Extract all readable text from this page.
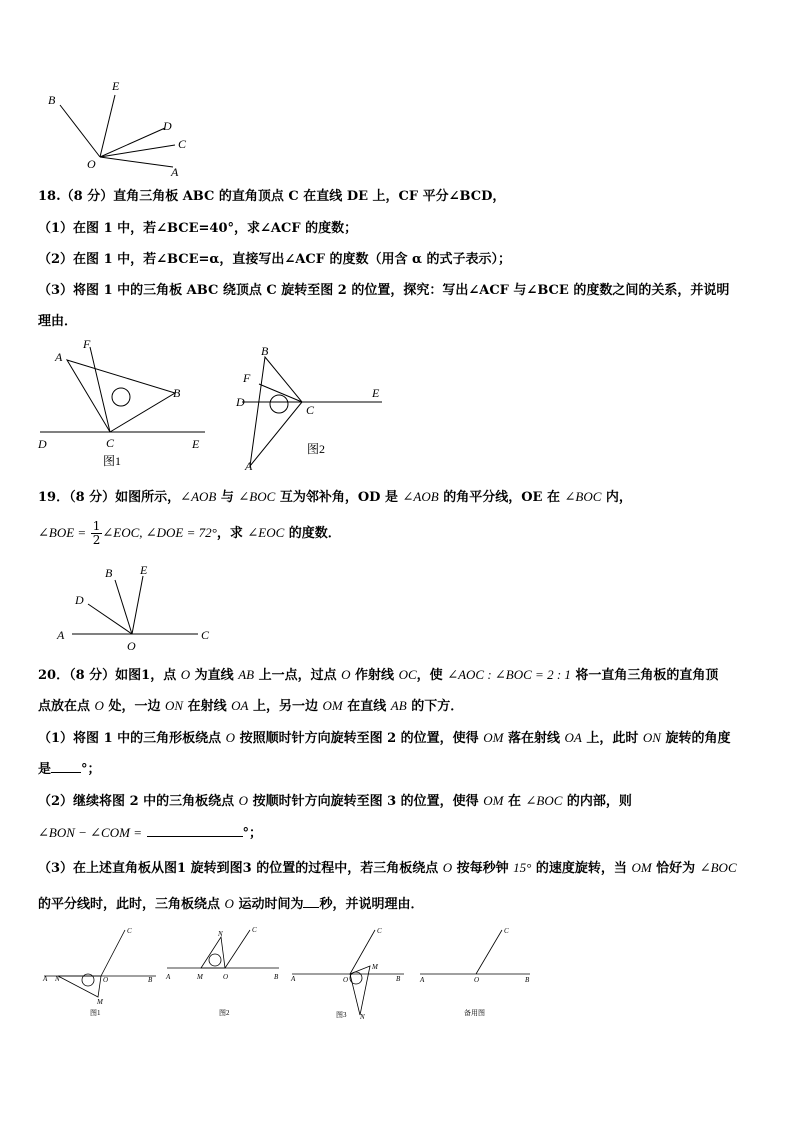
B
E
D
C
A
O
18.（8 分）直角三角板 ABC 的直角顶点 C 在直线 DE 上，CF 平分∠BCD，
（1）在图 1 中，若∠BCE=40°，求∠ACF 的度数；
（2）在图 1 中，若∠BCE=α，直接写出∠ACF 的度数（用含 α 的式子表示）；
（3）将图 1 中的三角板 ABC 绕顶点 C 旋转至图 2 的位置，探究：写出∠ACF 与∠BCE 的度数之间的关系，并说明
理由．
A
F
B
D	C	E
图1
B
F
D
C
E
A
图2
19．（8 分）如图所示，∠AOB 与 ∠BOC 互为邻补角，OD 是 ∠AOB 的角平分线，OE 在 ∠BOC 内，
∠BOE = $\frac{1}{2}$ ∠EOC, ∠DOE = 72°，求 ∠EOC 的度数．
B E
D
A
O
C
20．（8 分）如图1，点 O 为直线 AB 上一点，过点 O 作射线 OC，使 ∠AOC : ∠BOC = 2 : 1 将一直角三角板的直角顶
点放在点 O 处，一边 ON 在射线 OA 上，另一边 OM 在直线 AB 的下方．
（1）将图 1 中的三角形板绕点 O 按照顺时针方向旋转至图 2 的位置，使得 OM 落在射线 OA 上，此时 ON 旋转的角度
是 °；
（2）继续将图 2 中的三角板绕点 O 按顺时针方向旋转至图 3 的位置，使得 OM 在 ∠BOC 的内部，则
∠BON − ∠COM =	°；
（3）在上述直角板从图1 旋转到图3 的位置的过程中，若三角板绕点 O 按每秒钟 15° 的速度旋转，当 OM 恰好为 ∠BOC
的平分线时，此时，三角板绕点 O 运动时间为 秒，并说明理由．
A N	O	B
C
M
图1
N	C
A	M	O	B
图2
C
M
A	O	B
N
图3
C
A	O	B
备用图
